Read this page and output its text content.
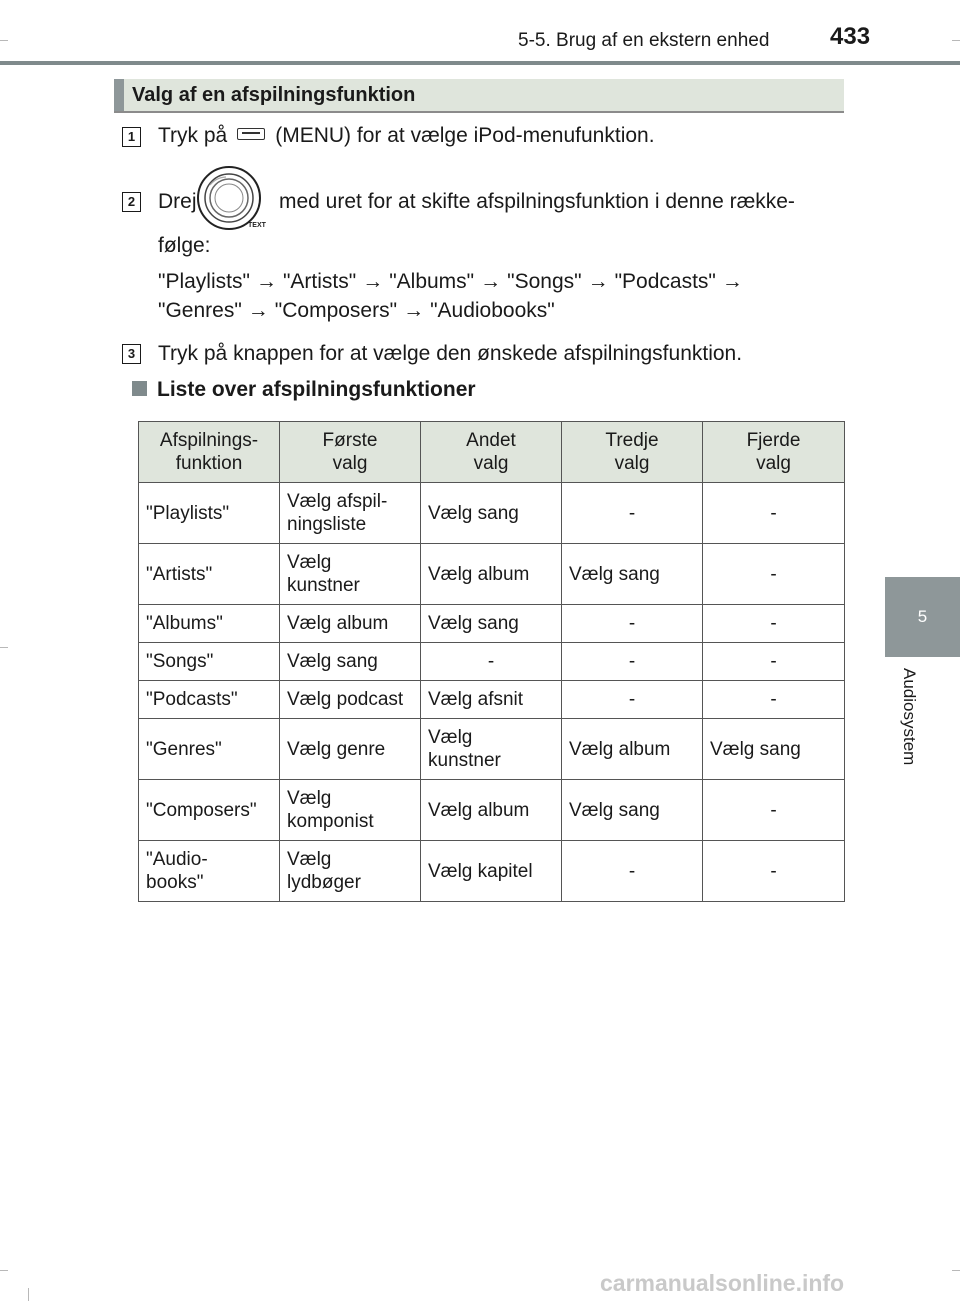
5-5. Brug af en ekstern enhed	433
5
Audiosystem
Valg af en afspilningsfunktion
1 Tryk på (MENU) for at vælge iPod-menufunktion.
2 Drej
TEXT
med uret for at skifte afspilningsfunktion i denne række-
følge:
"Playlists" → "Artists" → "Albums" → "Songs" → "Podcasts" →
"Genres" → "Composers" → "Audiobooks"
3 Tryk på knappen for at vælge den ønskede afspilningsfunktion.
Liste over afspilningsfunktioner
Afspilnings-
funktion	Første
valg	Andet
valg	Tredje
valg	Fjerde
valg
"Playlists"	Vælg afspil-
ningsliste	Vælg sang	-	-
"Artists"	Vælg
kunstner	Vælg album	Vælg sang	-
"Albums"	Vælg album	Vælg sang	-	-
"Songs"	Vælg sang	-	-	-
"Podcasts"	Vælg podcast	Vælg afsnit	-	-
"Genres"	Vælg genre	Vælg
kunstner	Vælg album	Vælg sang
"Composers"	Vælg
komponist	Vælg album	Vælg sang	-
"Audio-
books"	Vælg
lydbøger	Vælg kapitel	-	-
carmanualsonline.info
